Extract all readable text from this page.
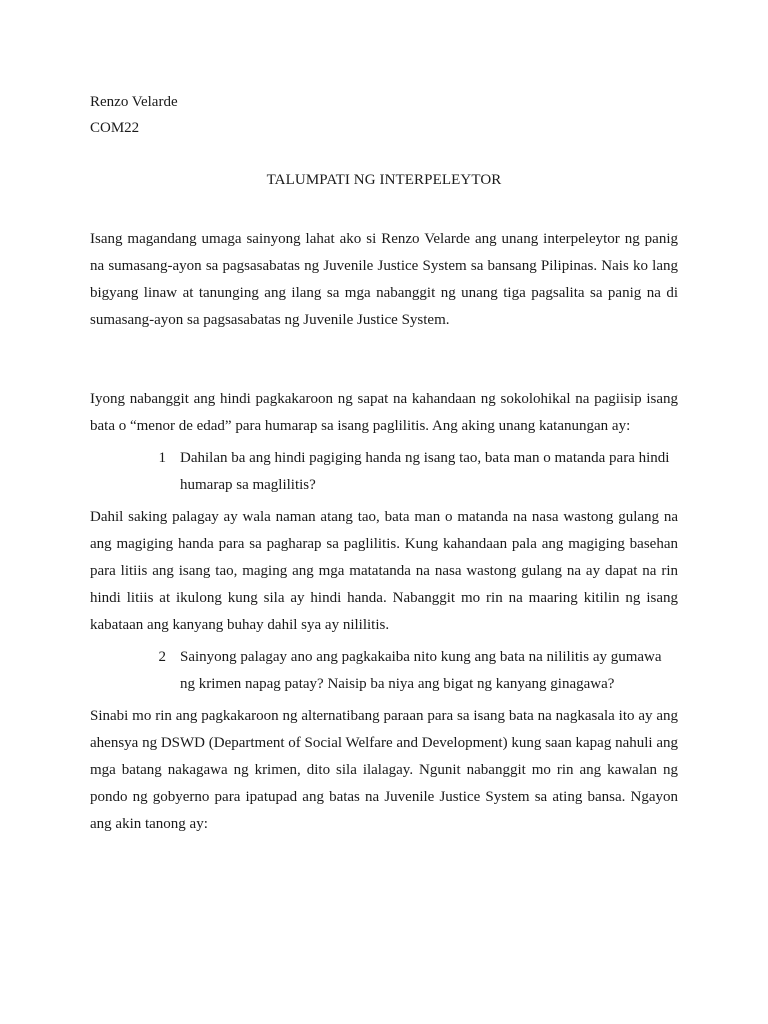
Renzo Velarde
COM22
TALUMPATI NG INTERPELEYTOR

Isang magandang umaga sainyong lahat ako si Renzo Velarde ang unang interpeleytor ng panig na sumasang-ayon sa pagsasabatas ng Juvenile Justice System sa bansang Pilipinas. Nais ko lang bigyang linaw at tanunging ang ilang sa mga nabanggit ng unang tiga pagsalita sa panig na di sumasang-ayon sa pagsasabatas ng Juvenile Justice System.

Iyong nabanggit ang hindi pagkakaroon ng sapat na kahandaan ng sokolohikal na pagiisip isang bata o “menor de edad” para humarap sa isang paglilitis. Ang aking unang katanungan ay:

1 Dahilan ba ang hindi pagiging handa ng isang tao, bata man o matanda para hindi humarap sa maglilitis?

Dahil saking palagay ay wala naman atang tao, bata man o matanda na nasa wastong gulang na ang magiging handa para sa pagharap sa paglilitis. Kung kahandaan pala ang magiging basehan para litiis ang isang tao, maging ang mga matatanda na nasa wastong gulang na ay dapat na rin hindi litiis at ikulong kung sila ay hindi handa. Nabanggit mo rin na maaring kitilin ng isang kabataan ang kanyang buhay dahil sya ay nililitis.

2 Sainyong palagay ano ang pagkakaiba nito kung ang bata na nililitis ay gumawa ng krimen napag patay? Naisip ba niya ang bigat ng kanyang ginagawa?

Sinabi mo rin ang pagkakaroon ng alternatibang paraan para sa isang bata na nagkasala ito ay ang ahensya ng DSWD (Department of Social Welfare and Development) kung saan kapag nahuli ang mga batang nakagawa ng krimen, dito sila ilalagay. Ngunit nabanggit mo rin ang kawalan ng pondo ng gobyerno para ipatupad ang batas na Juvenile Justice System sa ating bansa. Ngayon ang akin tanong ay:
